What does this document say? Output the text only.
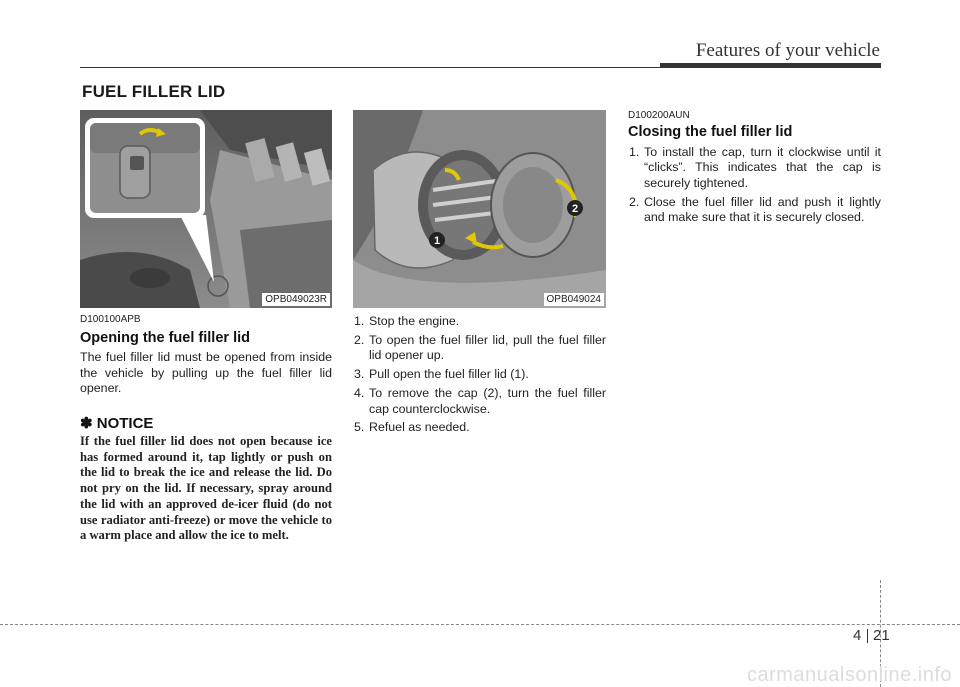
Features of your vehicle
FUEL FILLER LID
OPB049023R
1
2
OPB049024
D100100APB
Opening the fuel filler lid
The fuel filler lid must be opened from inside the vehicle by pulling up the fuel filler lid opener.
✽ NOTICE
If the fuel filler lid does not open because ice has formed around it, tap lightly or push on the lid to break the ice and release the lid. Do not pry on the lid. If necessary, spray around the lid with an approved de-icer fluid (do not use radiator anti-freeze) or move the vehicle to a warm place and allow the ice to melt.
1. Stop the engine.
2. To open the fuel filler lid, pull the fuel filler lid opener up.
3. Pull open the fuel filler lid (1).
4. To remove the cap (2), turn the fuel filler cap counterclockwise.
5. Refuel as needed.
D100200AUN
Closing the fuel filler lid
1. To install the cap, turn it clockwise until it “clicks”. This indicates that the cap is securely tightened.
2. Close the fuel filler lid and push it lightly and make sure that it is securely closed.
4 21
carmanualsonline.info
